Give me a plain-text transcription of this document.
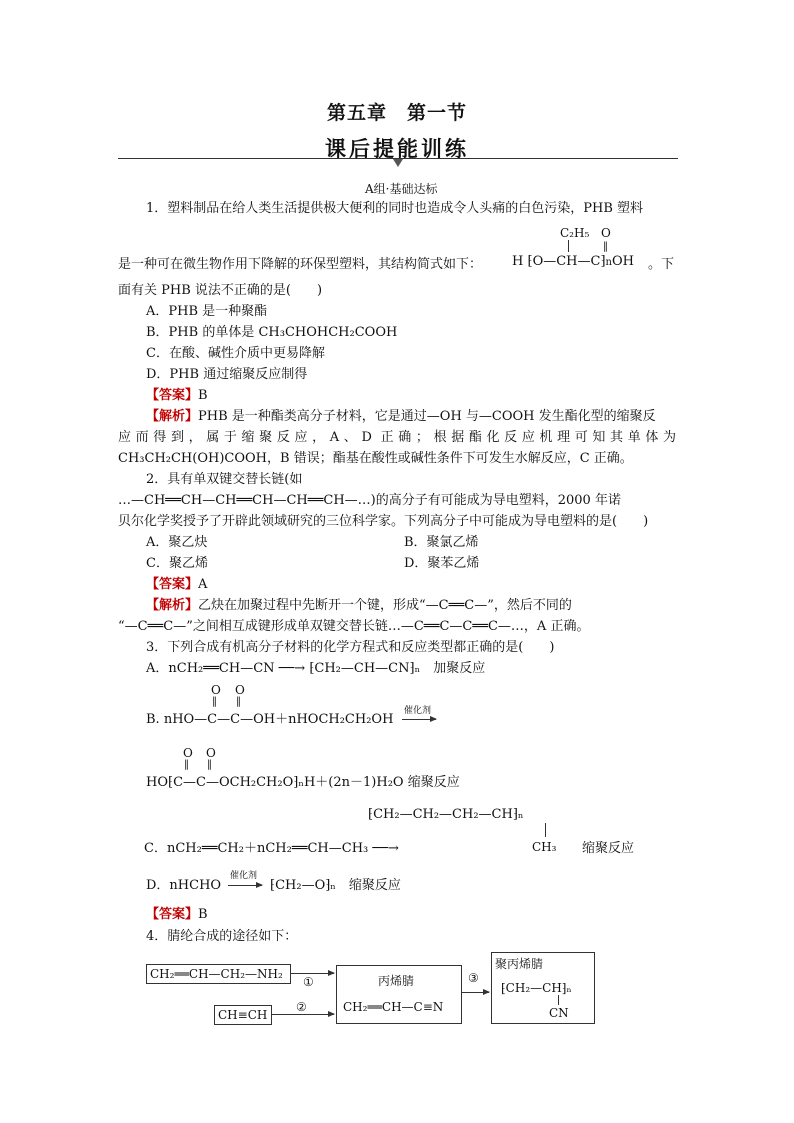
第五章　第一节
课后提能训练
A组·基础达标
1．塑料制品在给人类生活提供极大便利的同时也造成令人头痛的白色污染，PHB 塑料
C₂H₅ O
‖
是一种可在微生物作用下降解的环保型塑料，其结构简式如下： H ⁅O—CH—C⁆nOH 。下
面有关 PHB 说法不正确的是(　　)
A．PHB 是一种聚酯
B．PHB 的单体是 CH₃CHOHCH₂COOH
C．在酸、碱性介质中更易降解
D．PHB 通过缩聚反应制得
【答案】B
【解析】PHB 是一种酯类高分子材料，它是通过—OH 与—COOH 发生酯化型的缩聚反
应而得到，属于缩聚反应，A、D 正确；根据酯化反应机理可知其单体为
CH₃CH₂CH(OH)COOH，B 错误；酯基在酸性或碱性条件下可发生水解反应，C 正确。
2．具有单双键交替长链(如
…—CH══CH—CH══CH—CH══CH—…)的高分子有可能成为导电塑料，2000 年诺
贝尔化学奖授予了开辟此领域研究的三位科学家。下列高分子中可能成为导电塑料的是(　　)
A．聚乙炔	B．聚氯乙烯
C．聚乙烯	D．聚苯乙烯
【答案】A
【解析】乙炔在加聚过程中先断开一个键，形成“—C══C—”，然后不同的
“—C══C—”之间相互成键形成单双键交替长链…—C══C—C══C—…，A 正确。
3．下列合成有机高分子材料的化学方程式和反应类型都正确的是(　　)
A．nCH₂══CH—CN ──→ ⁅CH₂—CH—CN⁆ₙ　加聚反应
O O
‖ ‖
B. nHO—C—C—OH＋nHOCH₂CH₂OH
催化剂
O O
‖ ‖
HO⁅C—C—OCH₂CH₂O⁆ₙH＋(2n－1)H₂O 缩聚反应
⁅CH₂—CH₂—CH₂—CH⁆ₙ
C．nCH₂══CH₂＋nCH₂══CH—CH₃ ──→	缩聚反应
CH₃
D．nHCHO
催化剂
⁅CH₂—O⁆ₙ　缩聚反应
【答案】B
4．腈纶合成的途径如下：
CH₂══CH—CH₂—NH₂
①
CH≡CH
②
丙烯腈
CH₂══CH—C≡N
③
聚丙烯腈
⁅CH₂—CH⁆ₙ
CN
